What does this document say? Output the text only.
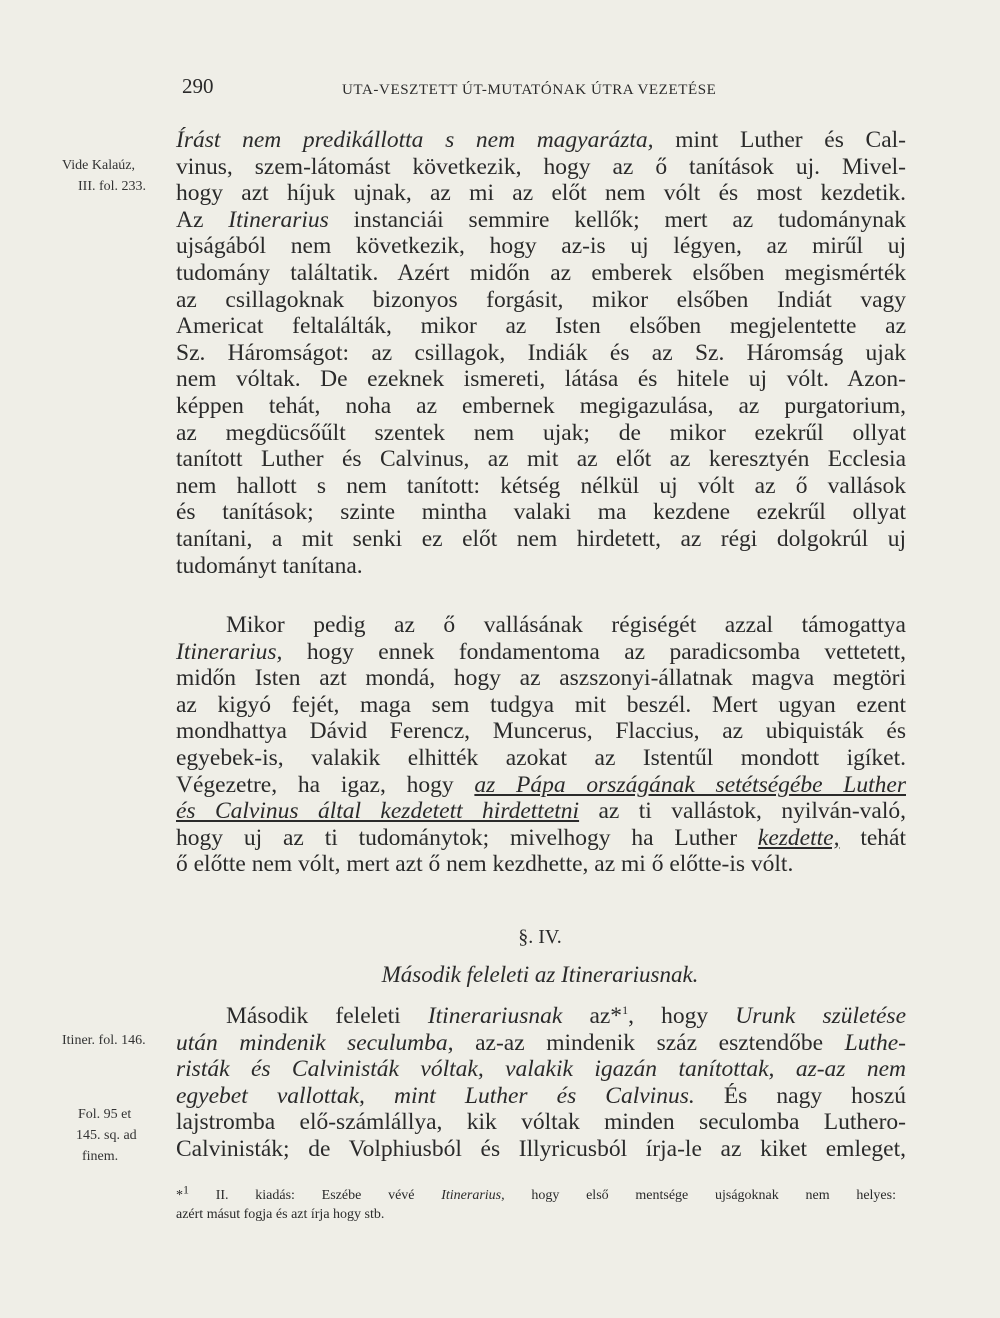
290	UTA-VESZTETT ÚT-MUTATÓNAK ÚTRA VEZETÉSE
Vide Kalaúz,
III. fol. 233.
Itiner. fol. 146.
Fol. 95 et
145. sq. ad
finem.
Írást nem predikállotta s nem magyarázta, mint Luther és Cal-
vinus, szem-látomást következik, hogy az ő tanítások uj. Mivel-
hogy azt híjuk ujnak, az mi az előt nem vólt és most kezdetik.
Az Itinerarius instanciái semmire kellők; mert az tudománynak
ujságából nem következik, hogy az-is uj légyen, az mirűl uj
tudomány találtatik. Azért midőn az emberek elsőben megismérték
az csillagoknak bizonyos forgásit, mikor elsőben Indiát vagy
Americat feltalálták, mikor az Isten elsőben megjelentette az
Sz. Háromságot: az csillagok, Indiák és az Sz. Háromság ujak
nem vóltak. De ezeknek ismereti, látása és hitele uj vólt. Azon-
képpen tehát, noha az embernek megigazulása, az purgatorium,
az megdücsőűlt szentek nem ujak; de mikor ezekrűl ollyat
tanított Luther és Calvinus, az mit az előt az keresztyén Ecclesia
nem hallott s nem tanított: kétség nélkül uj vólt az ő vallások
és tanítások; szinte mintha valaki ma kezdene ezekrűl ollyat
tanítani, a mit senki ez előt nem hirdetett, az régi dolgokrúl uj
tudományt tanítana.
Mikor pedig az ő vallásának régiségét azzal támogattya
Itinerarius, hogy ennek fondamentoma az paradicsomba vettetett,
midőn Isten azt mondá, hogy az aszszonyi-állatnak magva megtöri
az kigyó fejét, maga sem tudgya mit beszél. Mert ugyan ezent
mondhattya Dávid Ferencz, Muncerus, Flaccius, az ubiquisták és
egyebek-is, valakik elhitték azokat az Istentűl mondott igíket.
Végezetre, ha igaz, hogy az Pápa országának setétségébe Luther
és Calvinus által kezdetett hirdettetni az ti vallástok, nyilván-való,
hogy uj az ti tudománytok; mivelhogy ha Luther kezdette, tehát
ő előtte nem vólt, mert azt ő nem kezdhette, az mi ő előtte-is vólt.
§. IV.
Második feleleti az Itinerariusnak.
Második feleleti Itinerariusnak az*$^1$, hogy Urunk születése
után mindenik seculumba, az-az mindenik száz esztendőbe Luthe-
risták és Calvinisták vóltak, valakik igazán tanítottak, az-az nem
egyebet vallottak, mint Luther és Calvinus. És nagy hoszú
lajstromba elő-számlállya, kik vóltak minden seculomba Luthero-
Calvinisták; de Volphiusból és Illyricusból írja-le az kiket emleget,
*$^1$ II. kiadás: Eszébe vévé Itinerarius, hogy első mentsége ujságoknak nem helyes:
azért másut fogja és azt írja hogy stb.
